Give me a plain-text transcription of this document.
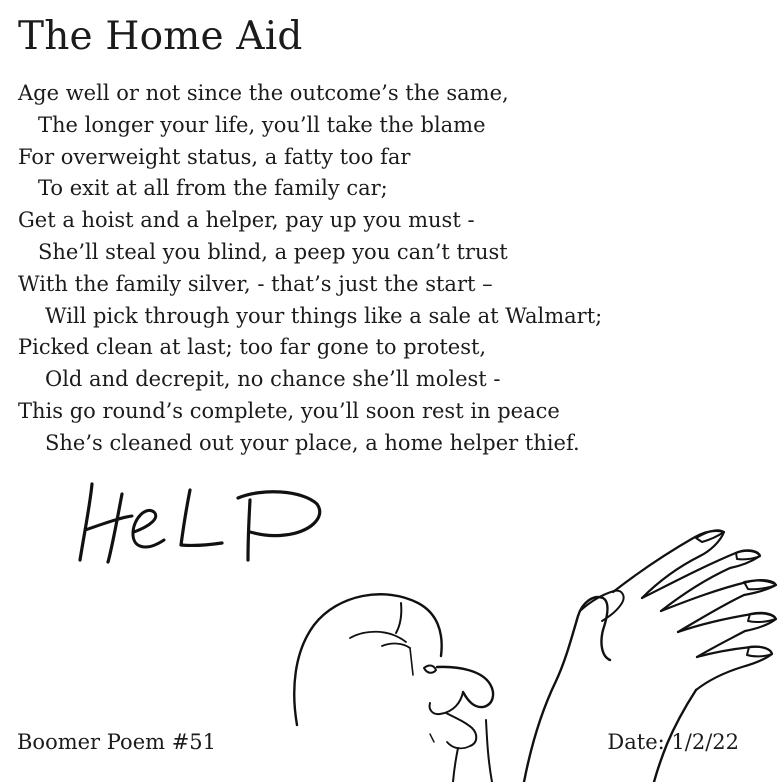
The Home Aid
Age well or not since the outcome’s the same,
The longer your life, you’ll take the blame
For overweight status, a fatty too far
To exit at all from the family car;
Get a hoist and a helper, pay up you must -
She’ll steal you blind, a peep you can’t trust
With the family silver, - that’s just the start –
Will pick through your things like a sale at Walmart;
Picked clean at last; too far gone to protest,
Old and decrepit, no chance she’ll molest -
This go round’s complete, you’ll soon rest in peace
She’s cleaned out your place, a home helper thief.
Boomer Poem #51	Date: 1/2/22
